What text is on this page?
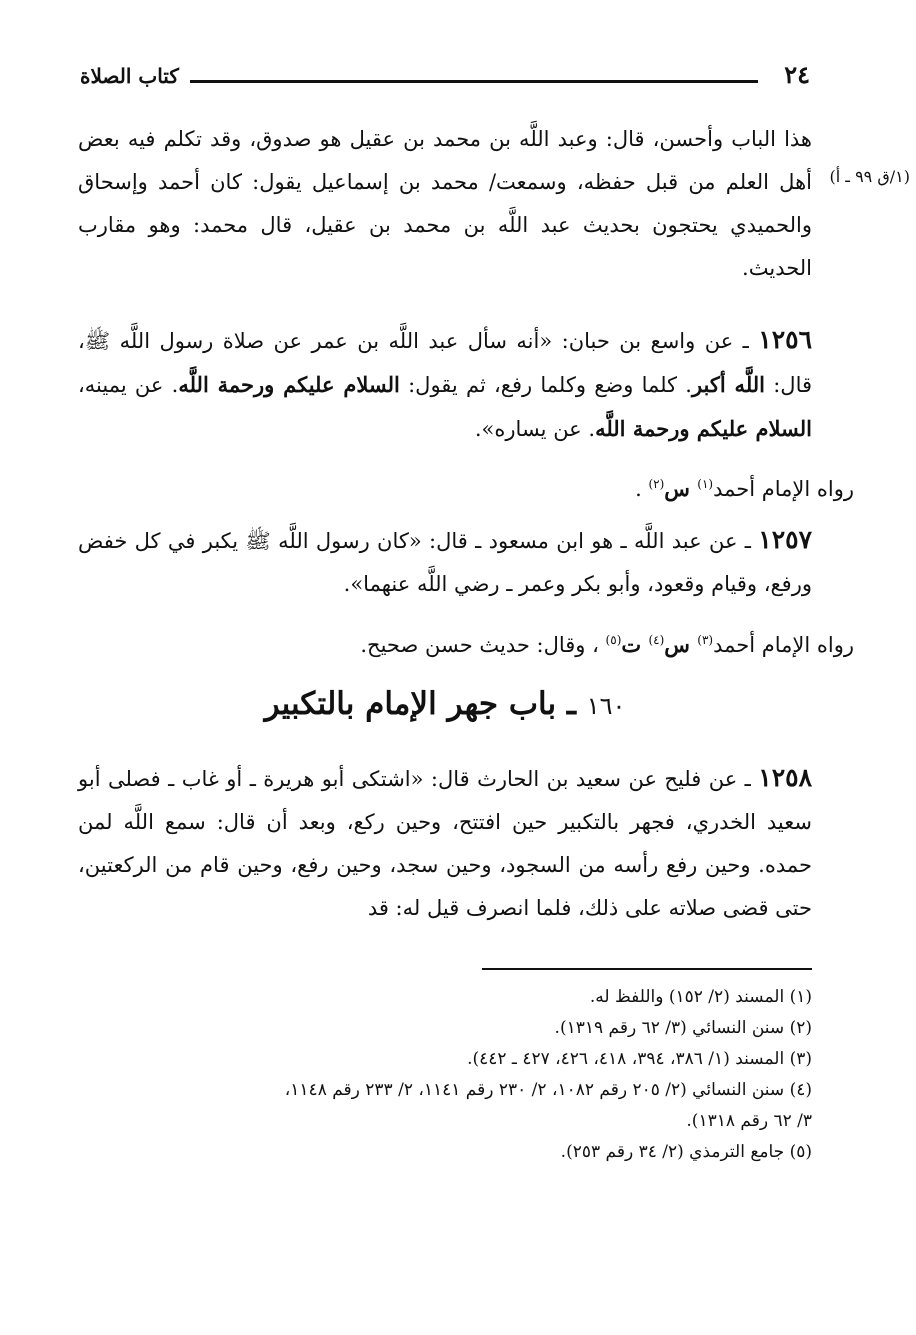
كتاب الصلاة	٢٤
(١/ق ٩٩ ـ أ)

هذا الباب وأحسن، قال: وعبد اللَّه بن محمد بن عقيل هو صدوق، وقد تكلم فيه بعض أهل العلم من قبل حفظه، وسمعت/ محمد بن إسماعيل يقول: كان أحمد وإسحاق والحميدي يحتجون بحديث عبد اللَّه بن محمد بن عقيل، قال محمد: وهو مقارب الحديث.

١٢٥٦ ـ عن واسع بن حبان: «أنه سأل عبد اللَّه بن عمر عن صلاة رسول اللَّه ﷺ، قال: اللَّه أكبر. كلما وضع وكلما رفع، ثم يقول: السلام عليكم ورحمة اللَّه. عن يمينه، السلام عليكم ورحمة اللَّه. عن يساره».

رواه الإمام أحمد$^{(١)}$ س$^{(٢)}$ .

١٢٥٧ ـ عن عبد اللَّه ـ هو ابن مسعود ـ قال: «كان رسول اللَّه ﷺ يكبر في كل خفض ورفع، وقيام وقعود، وأبو بكر وعمر ـ رضي اللَّه عنهما».

رواه الإمام أحمد$^{(٣)}$ س$^{(٤)}$ ت$^{(٥)}$ ، وقال: حديث حسن صحيح.
١٦٠ ـ باب جهر الإمام بالتكبير

١٢٥٨ ـ عن فليح عن سعيد بن الحارث قال: «اشتكى أبو هريرة ـ أو غاب ـ فصلى أبو سعيد الخدري، فجهر بالتكبير حين افتتح، وحين ركع، وبعد أن قال: سمع اللَّه لمن حمده. وحين رفع رأسه من السجود، وحين سجد، وحين رفع، وحين قام من الركعتين، حتى قضى صلاته على ذلك، فلما انصرف قيل له: قد

(١) المسند (٢/ ١٥٢) واللفظ له.

(٢) سنن النسائي (٣/ ٦٢ رقم ١٣١٩).

(٣) المسند (١/ ٣٨٦، ٣٩٤، ٤١٨، ٤٢٦، ٤٢٧ ـ ٤٤٢).

(٤) سنن النسائي (٢/ ٢٠٥ رقم ١٠٨٢، ٢/ ٢٣٠ رقم ١١٤١، ٢/ ٢٣٣ رقم ١١٤٨،

٣/ ٦٢ رقم ١٣١٨).

(٥) جامع الترمذي (٢/ ٣٤ رقم ٢٥٣).
